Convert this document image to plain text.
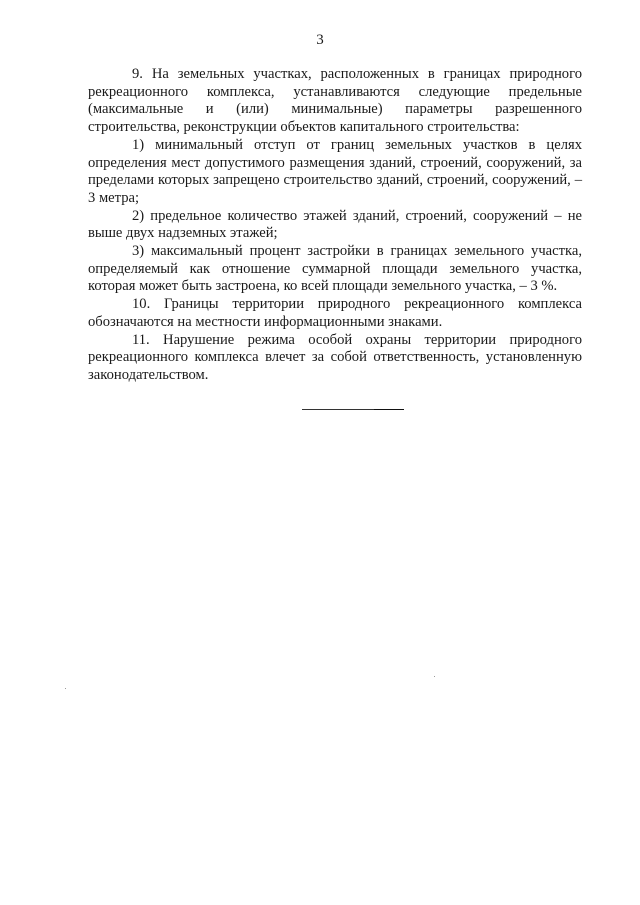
3

9. На земельных участках, расположенных в границах природного рекреационного комплекса, устанавливаются следующие предельные (максимальные и (или) минимальные) параметры разрешенного строительства, реконструкции объектов капитального строительства:

1) минимальный отступ от границ земельных участков в целях определения мест допустимого размещения зданий, строений, сооружений, за пределами которых запрещено строительство зданий, строений, сооружений, – 3 метра;

2) предельное количество этажей зданий, строений, сооружений – не выше двух надземных этажей;

3) максимальный процент застройки в границах земельного участка, определяемый как отношение суммарной площади земельного участка, которая может быть застроена, ко всей площади земельного участка, – 3 %.

10. Границы территории природного рекреационного комплекса обозначаются на местности информационными знаками.

11. Нарушение режима особой охраны территории природного рекреационного комплекса влечет за собой ответственность, установленную законодательством.
